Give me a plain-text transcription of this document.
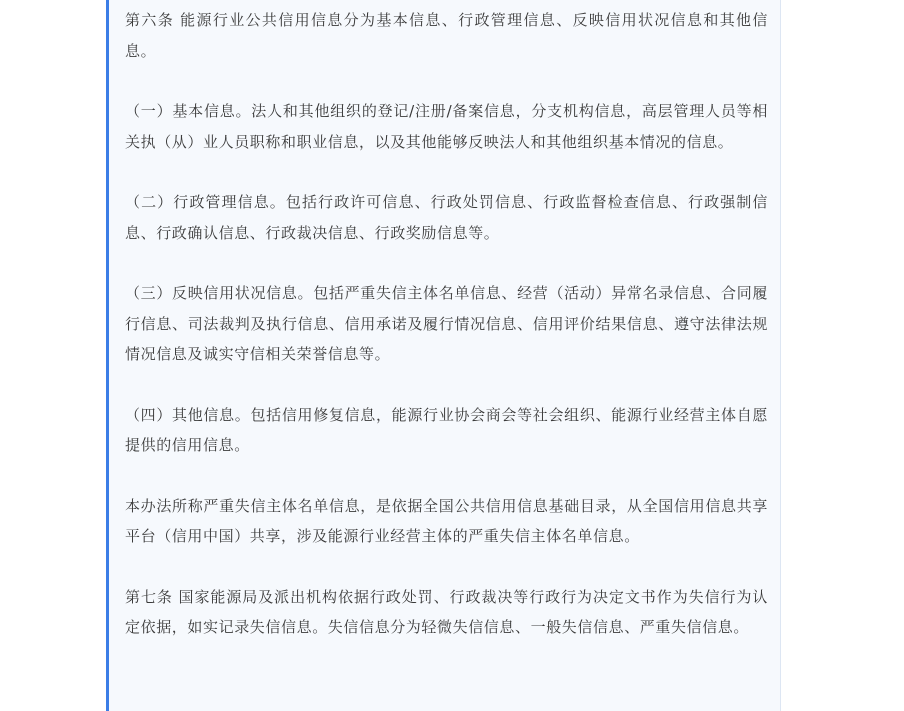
第六条 能源行业公共信用信息分为基本信息、行政管理信息、反映信用状况信息和其他信息。

（一）基本信息。法人和其他组织的登记/注册/备案信息，分支机构信息，高层管理人员等相关执（从）业人员职称和职业信息，以及其他能够反映法人和其他组织基本情况的信息。

（二）行政管理信息。包括行政许可信息、行政处罚信息、行政监督检查信息、行政强制信息、行政确认信息、行政裁决信息、行政奖励信息等。

（三）反映信用状况信息。包括严重失信主体名单信息、经营（活动）异常名录信息、合同履行信息、司法裁判及执行信息、信用承诺及履行情况信息、信用评价结果信息、遵守法律法规情况信息及诚实守信相关荣誉信息等。

（四）其他信息。包括信用修复信息，能源行业协会商会等社会组织、能源行业经营主体自愿提供的信用信息。

本办法所称严重失信主体名单信息，是依据全国公共信用信息基础目录，从全国信用信息共享平台（信用中国）共享，涉及能源行业经营主体的严重失信主体名单信息。

第七条 国家能源局及派出机构依据行政处罚、行政裁决等行政行为决定文书作为失信行为认定依据，如实记录失信信息。失信信息分为轻微失信信息、一般失信信息、严重失信信息。
